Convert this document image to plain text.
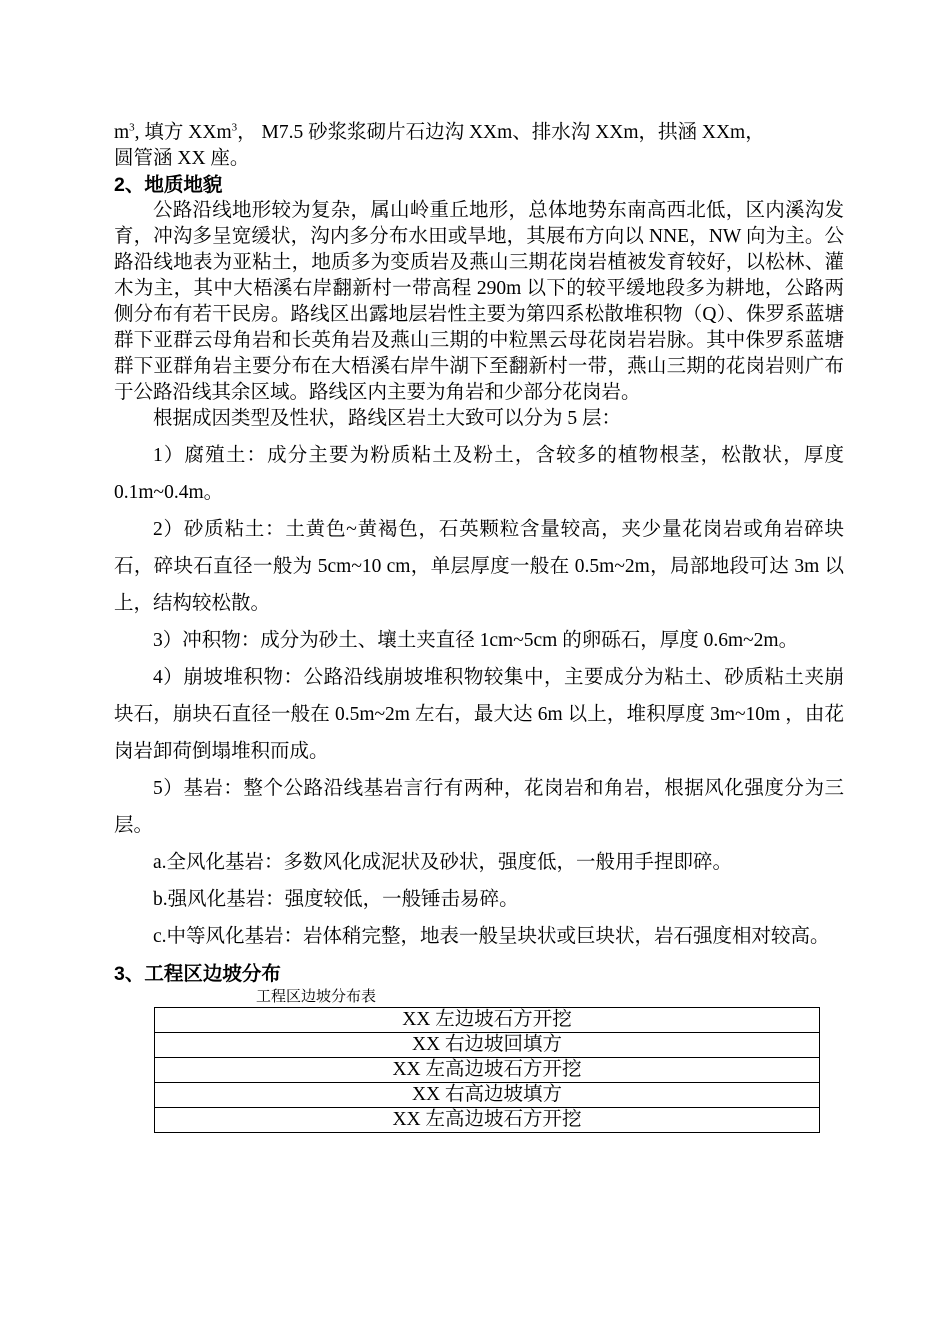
$m^3$, 填方 XXm$^3$， M7.5 砂浆浆砌片石边沟 XXm、排水沟 XXm，拱涵 XXm，

圆管涵 XX 座。

2、地质地貌

公路沿线地形较为复杂，属山岭重丘地形，总体地势东南高西北低，区内溪沟发育，冲沟多呈宽缓状，沟内多分布水田或旱地，其展布方向以 NNE，NW 向为主。公路沿线地表为亚粘土，地质多为变质岩及燕山三期花岗岩植被发育较好，以松林、灌木为主，其中大梧溪右岸翻新村一带高程 290m 以下的较平缓地段多为耕地，公路两侧分布有若干民房。路线区出露地层岩性主要为第四系松散堆积物（Q）、侏罗系蓝塘群下亚群云母角岩和长英角岩及燕山三期的中粒黑云母花岗岩岩脉。其中侏罗系蓝塘群下亚群角岩主要分布在大梧溪右岸牛湖下至翻新村一带，燕山三期的花岗岩则广布于公路沿线其余区域。路线区内主要为角岩和少部分花岗岩。

根据成因类型及性状，路线区岩土大致可以分为 5 层：

1）腐殖土：成分主要为粉质粘土及粉土，含较多的植物根茎，松散状，厚度 0.1m~0.4m。

2）砂质粘土：土黄色~黄褐色，石英颗粒含量较高，夹少量花岗岩或角岩碎块石，碎块石直径一般为 5cm~10 cm，单层厚度一般在 0.5m~2m，局部地段可达 3m 以上，结构较松散。

3）冲积物：成分为砂土、壤土夹直径 1cm~5cm 的卵砾石，厚度 0.6m~2m。

4）崩坡堆积物：公路沿线崩坡堆积物较集中，主要成分为粘土、砂质粘土夹崩块石，崩块石直径一般在 0.5m~2m 左右，最大达 6m 以上，堆积厚度 3m~10m ，由花岗岩卸荷倒塌堆积而成。

5）基岩：整个公路沿线基岩言行有两种，花岗岩和角岩，根据风化强度分为三层。

a.全风化基岩：多数风化成泥状及砂状，强度低，一般用手捏即碎。

b.强风化基岩：强度较低，一般锤击易碎。

c.中等风化基岩：岩体稍完整，地表一般呈块状或巨块状，岩石强度相对较高。

3、工程区边坡分布

工程区边坡分布表

XX 左边坡石方开挖
XX 右边坡回填方
XX 左高边坡石方开挖
XX 右高边坡填方
XX 左高边坡石方开挖
